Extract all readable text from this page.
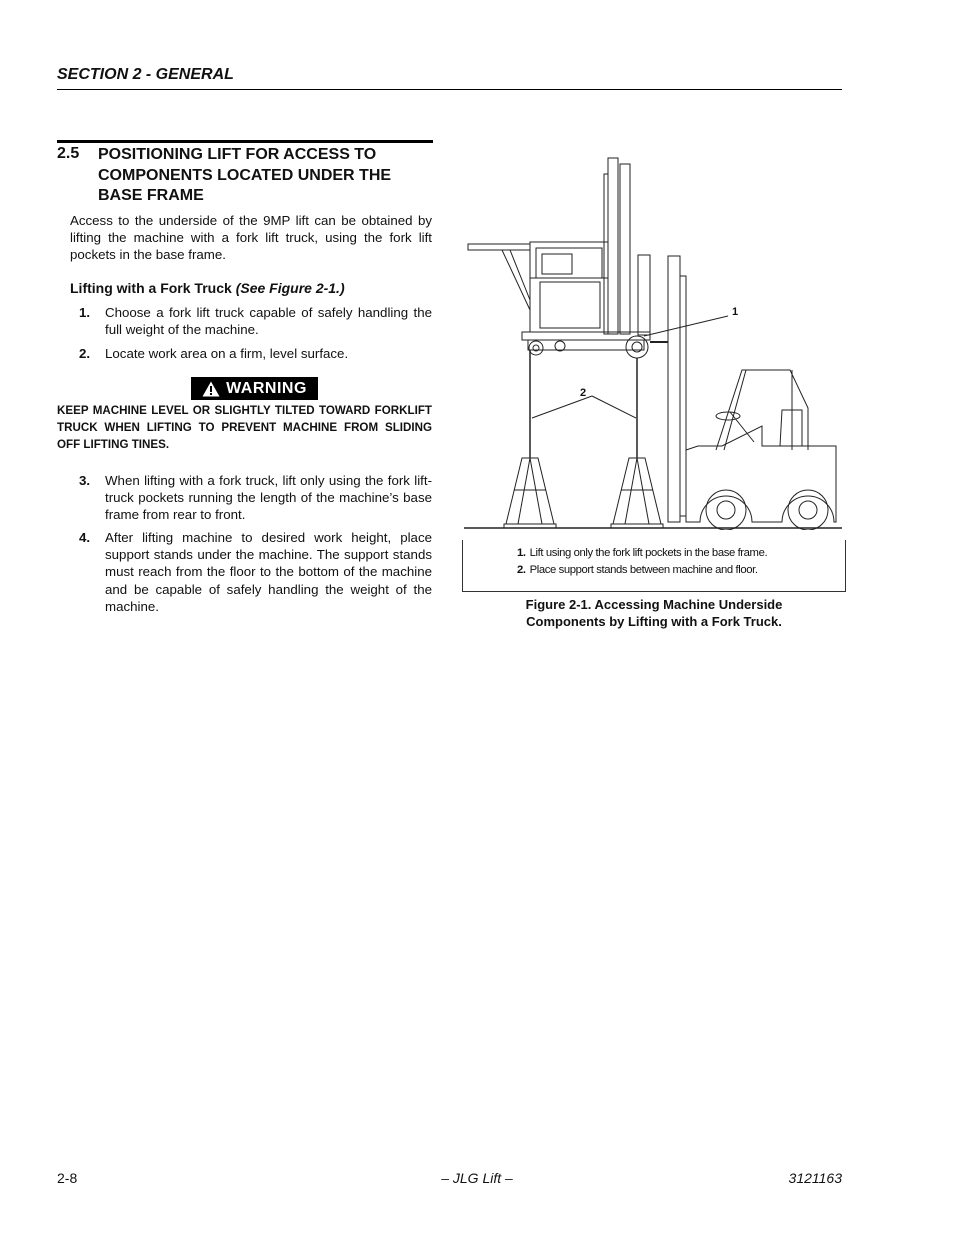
SECTION 2 - GENERAL
2.5 POSITIONING LIFT FOR ACCESS TO COMPONENTS LOCATED UNDER THE BASE FRAME

Access to the underside of the 9MP lift can be obtained by lifting the machine with a fork lift truck, using the fork lift pockets in the base frame.

Lifting with a Fork Truck (See Figure 2-1.)
1. Choose a fork lift truck capable of safely handling the full weight of the machine.
2. Locate work area on a firm, level surface.
WARNING

KEEP MACHINE LEVEL OR SLIGHTLY TILTED TOWARD FORKLIFT TRUCK WHEN LIFTING TO PREVENT MACHINE FROM SLIDING OFF LIFTING TINES.

3. When lifting with a fork truck, lift only using the fork lift-truck pockets running the length of the machine’s base frame from rear to front.
4. After lifting machine to desired work height, place support stands under the machine. The support stands must reach from the floor to the bottom of the machine and be capable of safely handling the weight of the machine.
1
2
1. Lift using only the fork lift pockets in the base frame.
2. Place support stands between machine and floor.
Figure 2-1. Accessing Machine Underside
Components by Lifting with a Fork Truck.
2-8	– JLG Lift –	3121163
